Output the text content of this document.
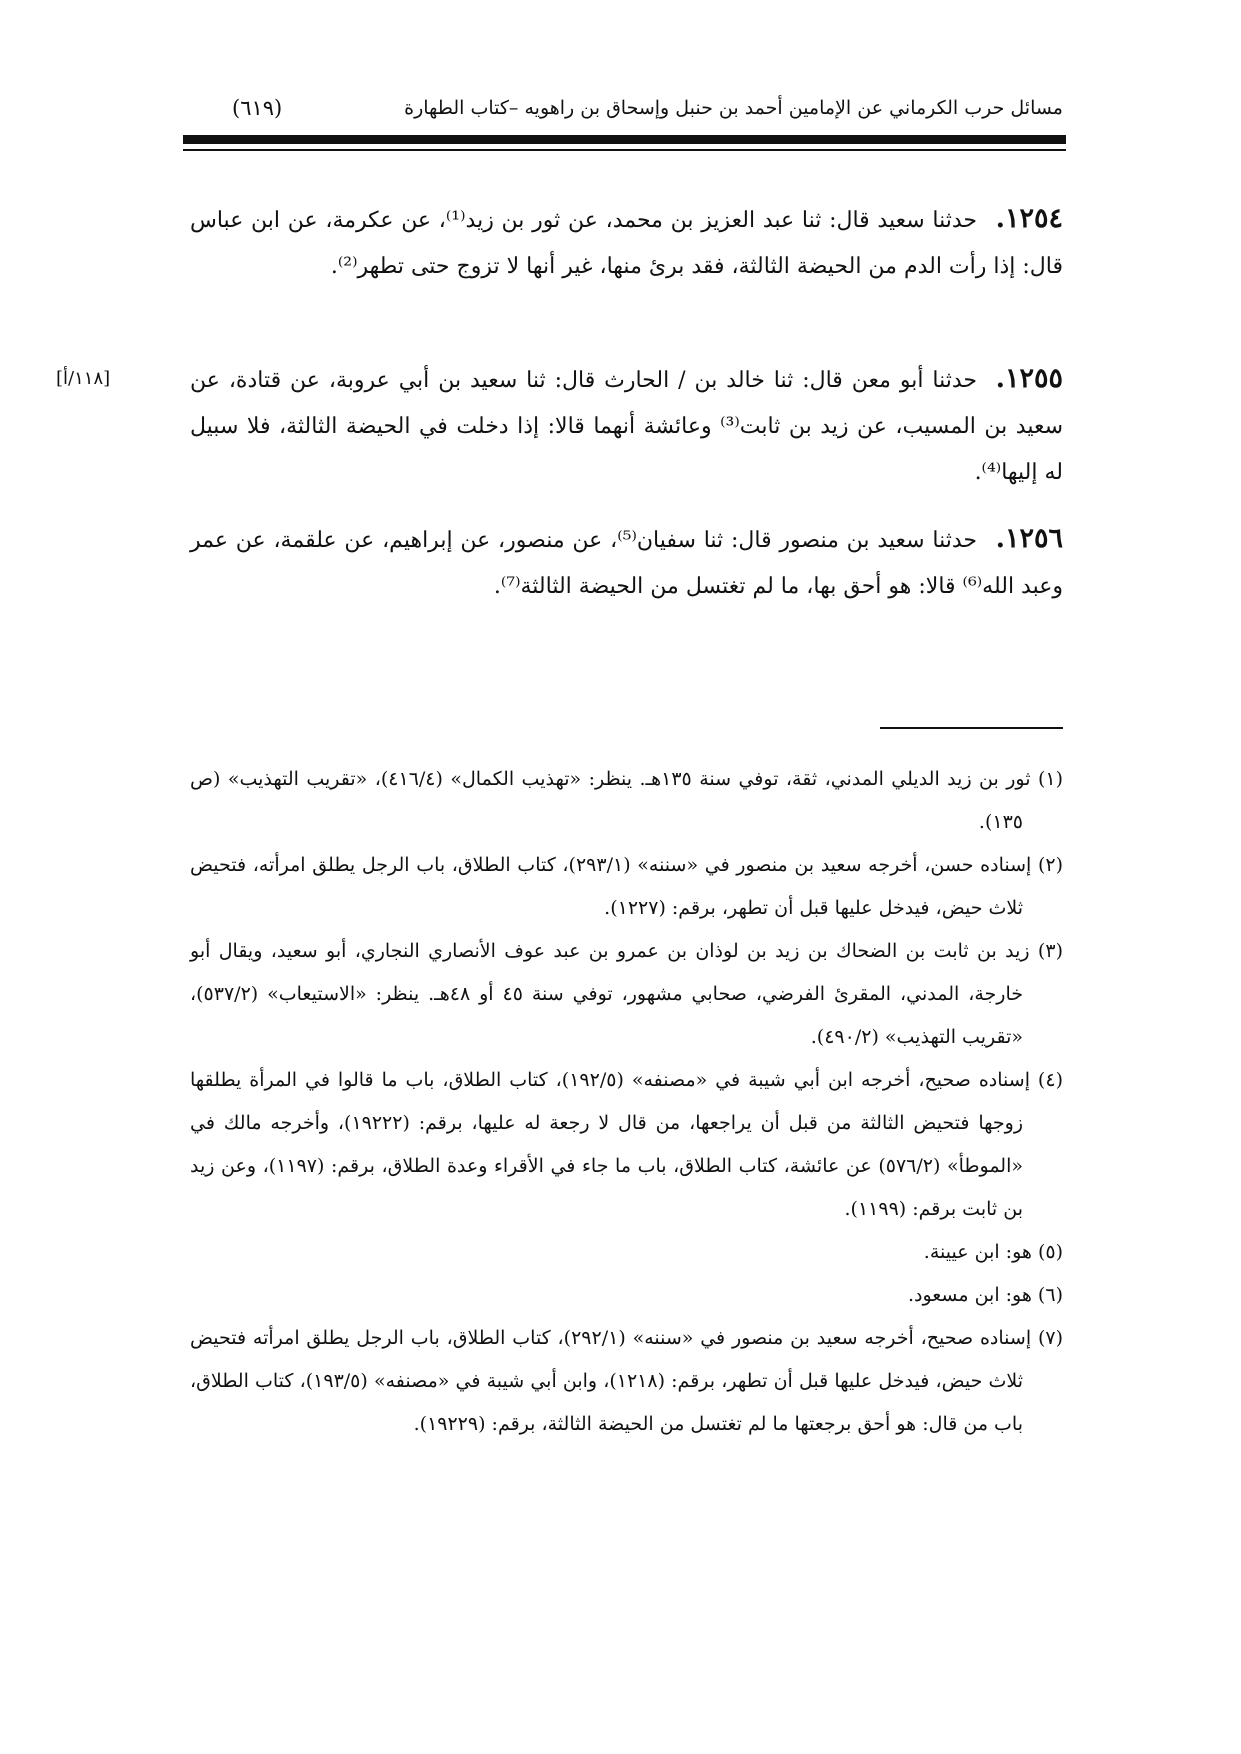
مسائل حرب الكرماني عن الإمامين أحمد بن حنبل وإسحاق بن راهويه –كتاب الطهارة
(٦١٩)
[١١٨/أ]
١٢٥٤.حدثنا سعيد قال: ثنا عبد العزيز بن محمد، عن ثور بن زيد⁽¹⁾، عن عكرمة، عن ابن عباس قال: إذا رأت الدم من الحيضة الثالثة، فقد برئ منها، غير أنها لا تزوج حتى تطهر⁽²⁾.
١٢٥٥.حدثنا أبو معن قال: ثنا خالد بن / الحارث قال: ثنا سعيد بن أبي عروبة، عن قتادة، عن سعيد بن المسيب، عن زيد بن ثابت⁽³⁾ وعائشة أنهما قالا: إذا دخلت في الحيضة الثالثة، فلا سبيل له إليها⁽⁴⁾.
١٢٥٦.حدثنا سعيد بن منصور قال: ثنا سفيان⁽⁵⁾، عن منصور، عن إبراهيم، عن علقمة، عن عمر وعبد الله⁽⁶⁾ قالا: هو أحق بها، ما لم تغتسل من الحيضة الثالثة⁽⁷⁾.
(١) ثور بن زيد الديلي المدني، ثقة، توفي سنة ١٣٥هـ. ينظر: «تهذيب الكمال» (٤١٦/٤)، «تقريب التهذيب» (ص ١٣٥).
(٢) إسناده حسن، أخرجه سعيد بن منصور في «سننه» (٢٩٣/١)، كتاب الطلاق، باب الرجل يطلق امرأته، فتحيض ثلاث حيض، فيدخل عليها قبل أن تطهر، برقم: (١٢٢٧).
(٣) زيد بن ثابت بن الضحاك بن زيد بن لوذان بن عمرو بن عبد عوف الأنصاري النجاري، أبو سعيد، ويقال أبو خارجة، المدني، المقرئ الفرضي، صحابي مشهور، توفي سنة ٤٥ أو ٤٨هـ. ينظر: «الاستيعاب» (٥٣٧/٢)، «تقريب التهذيب» (٤٩٠/٢).
(٤) إسناده صحيح، أخرجه ابن أبي شيبة في «مصنفه» (١٩٢/٥)، كتاب الطلاق، باب ما قالوا في المرأة يطلقها زوجها فتحيض الثالثة من قبل أن يراجعها، من قال لا رجعة له عليها، برقم: (١٩٢٢٢)، وأخرجه مالك في «الموطأ» (٥٧٦/٢) عن عائشة، كتاب الطلاق، باب ما جاء في الأقراء وعدة الطلاق، برقم: (١١٩٧)، وعن زيد بن ثابت برقم: (١١٩٩).
(٥) هو: ابن عيينة.
(٦) هو: ابن مسعود.
(٧) إسناده صحيح، أخرجه سعيد بن منصور في «سننه» (٢٩٢/١)، كتاب الطلاق، باب الرجل يطلق امرأته فتحيض ثلاث حيض، فيدخل عليها قبل أن تطهر، برقم: (١٢١٨)، وابن أبي شيبة في «مصنفه» (١٩٣/٥)، كتاب الطلاق، باب من قال: هو أحق برجعتها ما لم تغتسل من الحيضة الثالثة، برقم: (١٩٢٢٩).
